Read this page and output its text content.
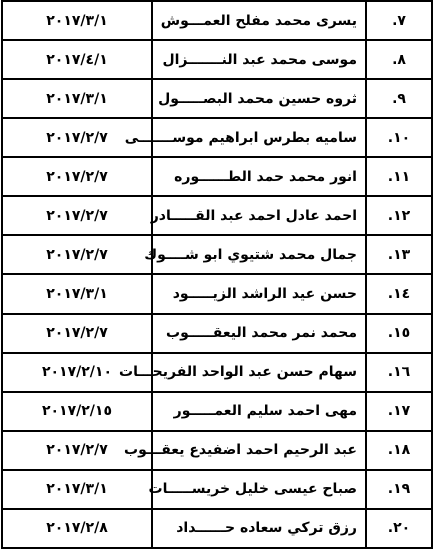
٢٠١٧/٣/١	يسرى محمد مفلح العمـــوش	٧.
٢٠١٧/٤/١	موسى محمد عبد النـــــــزال	٨.
٢٠١٧/٣/١	ثروه حسين محمد البصـــــول	٩.
٢٠١٧/٢/٧	ساميه بطرس ابراهيم موســـــــى	١٠.
٢٠١٧/٢/٧	انور محمد حمد الطــــــوره	١١.
٢٠١٧/٢/٧	احمد عادل احمد عبد القـــــادر	١٢.
٢٠١٧/٢/٧	جمال محمد شتيوي ابو شــــوك	١٣.
٢٠١٧/٣/١	حسن عيد الراشد الزيـــــود	١٤.
٢٠١٧/٢/٧	محمد نمر محمد اليعقـــــوب	١٥.
٢٠١٧/٢/١٠	سهام حسن عبد الواحد الفريحـــات	١٦.
٢٠١٧/٢/١٥	مهى احمد سليم العمـــــور	١٧.
٢٠١٧/٢/٧	عبد الرحيم احمد اضفيدع يعقـــوب	١٨.
٢٠١٧/٣/١	صباح عيسى خليل خريســـــات	١٩.
٢٠١٧/٢/٨	رزق تركي سعاده حــــــداد	٢٠.
